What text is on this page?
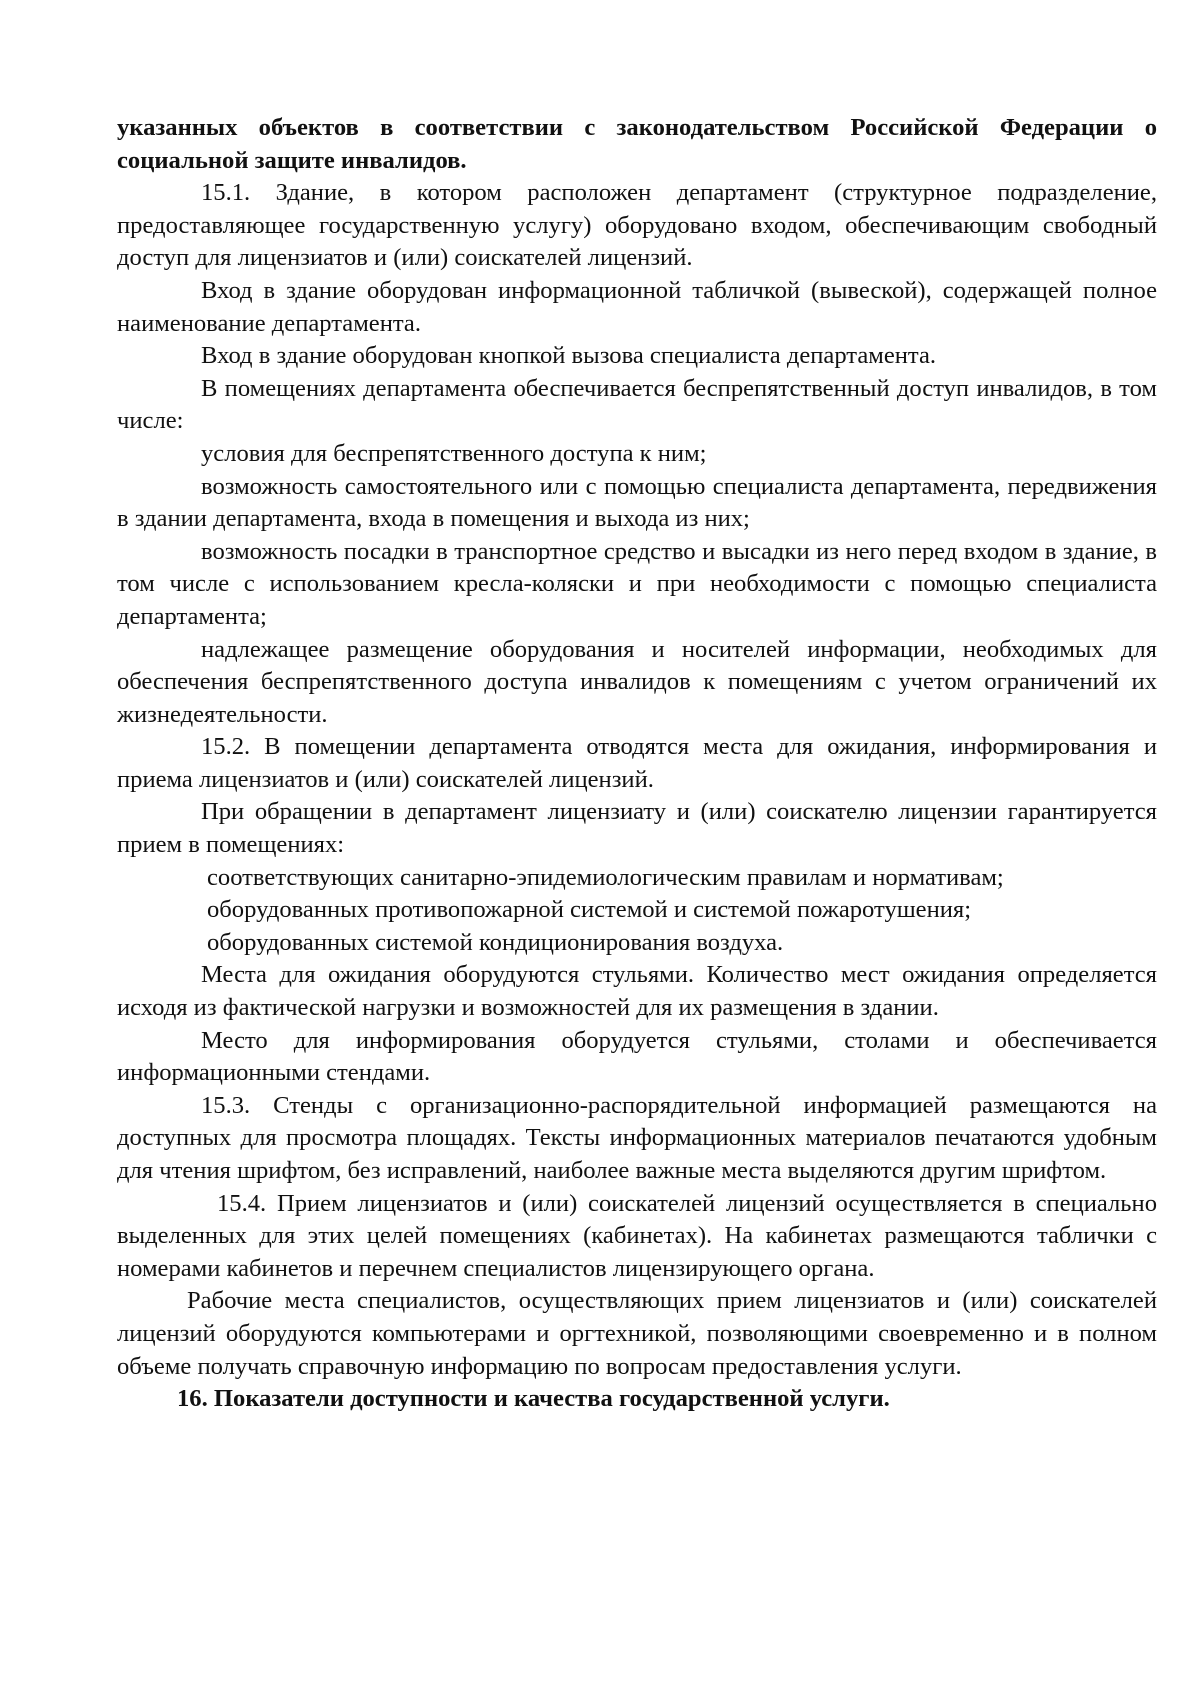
указанных объектов в соответствии с законодательством Российской Федерации о социальной защите инвалидов.

15.1. Здание, в котором расположен департамент (структурное подразделение, предоставляющее государственную услугу) оборудовано входом, обеспечивающим свободный доступ для лицензиатов и (или) соискателей лицензий.

Вход в здание оборудован информационной табличкой (вывеской), содержащей полное наименование департамента.

Вход в здание оборудован кнопкой вызова специалиста департамента.

В помещениях департамента обеспечивается беспрепятственный доступ инвалидов, в том числе:

условия для беспрепятственного доступа к ним;

возможность самостоятельного или с помощью специалиста департамента, передвижения в здании департамента, входа в помещения и выхода из них;

возможность посадки в транспортное средство и высадки из него перед входом в здание, в том числе с использованием кресла-коляски и при необходимости с помощью специалиста департамента;

надлежащее размещение оборудования и носителей информации, необходимых для обеспечения беспрепятственного доступа инвалидов к помещениям с учетом ограничений их жизнедеятельности.

15.2. В помещении департамента отводятся места для ожидания, информирования и приема лицензиатов и (или) соискателей лицензий.

При обращении в департамент лицензиату и (или) соискателю лицензии гарантируется прием в помещениях:

соответствующих санитарно-эпидемиологическим правилам и нормативам;

оборудованных противопожарной системой и системой пожаротушения;

оборудованных системой кондиционирования воздуха.

Места для ожидания оборудуются стульями. Количество мест ожидания определяется исходя из фактической нагрузки и возможностей для их размещения в здании.

Место для информирования оборудуется стульями, столами и обеспечивается информационными стендами.

15.3. Стенды с организационно-распорядительной информацией размещаются на доступных для просмотра площадях. Тексты информационных материалов печатаются удобным для чтения шрифтом, без исправлений, наиболее важные места выделяются другим шрифтом.

15.4. Прием лицензиатов и (или) соискателей лицензий осуществляется в специально выделенных для этих целей помещениях (кабинетах). На кабинетах размещаются таблички с номерами кабинетов и перечнем специалистов лицензирующего органа.

Рабочие места специалистов, осуществляющих прием лицензиатов и (или) соискателей лицензий оборудуются компьютерами и оргтехникой, позволяющими своевременно и в полном объеме получать справочную информацию по вопросам предоставления услуги.

16. Показатели доступности и качества государственной услуги.
